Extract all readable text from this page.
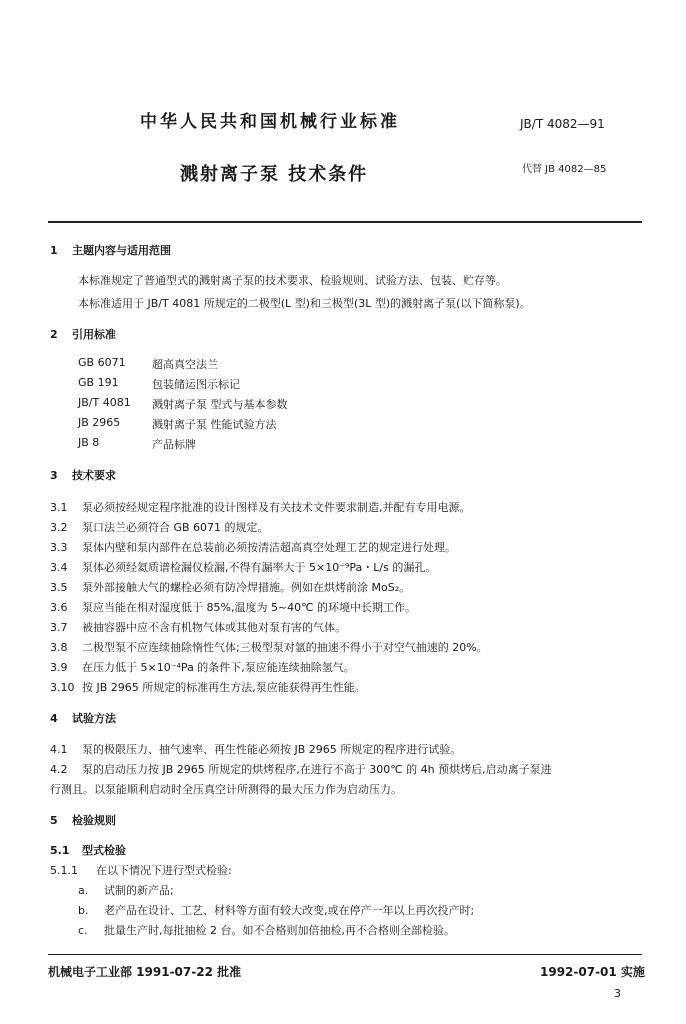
中华人民共和国机械行业标准	JB/T 4082—91
溅射离子泵 技术条件	代替 JB 4082—85
1 主题内容与适用范围
本标准规定了普通型式的溅射离子泵的技术要求、检验规则、试验方法、包装、贮存等。
本标准适用于 JB/T 4081 所规定的二极型(L 型)和三极型(3L 型)的溅射离子泵(以下简称泵)。
2 引用标准
GB 6071 超高真空法兰
GB 191	包装储运图示标记
JB/T 4081 溅射离子泵 型式与基本参数
JB 2965	溅射离子泵 性能试验方法
JB 8	产品标牌
3 技术要求
3.1 泵必须按经规定程序批准的设计图样及有关技术文件要求制造,并配有专用电源。
3.2 泵口法兰必须符合 GB 6071 的规定。
3.3 泵体内壁和泵内部件在总装前必须按清洁超高真空处理工艺的规定进行处理。
3.4 泵体必须经氦质谱检漏仪检漏,不得有漏率大于 5×10⁻⁹Pa・L/s 的漏孔。
3.5 泵外部接触大气的螺栓必须有防冷焊措施。例如在烘烤前涂 MoS₂。
3.6 泵应当能在相对湿度低于 85%,温度为 5~40℃ 的环境中长期工作。
3.7 被抽容器中应不含有机物气体或其他对泵有害的气体。
3.8 二极型泵不应连续抽除惰性气体;三极型泵对氩的抽速不得小于对空气抽速的 20%。
3.9 在压力低于 5×10⁻⁴Pa 的条件下,泵应能连续抽除氢气。
3.10 按 JB 2965 所规定的标准再生方法,泵应能获得再生性能。
4 试验方法
4.1 泵的极限压力、抽气速率、再生性能必须按 JB 2965 所规定的程序进行试验。
4.2 泵的启动压力按 JB 2965 所规定的烘烤程序,在进行不高于 300℃ 的 4h 预烘烤后,启动离子泵进
行测且。以泵能顺利启动时全压真空计所测得的最大压力作为启动压力。
5 检验规则
5.1 型式检验
5.1.1 在以下情况下进行型式检验:
a. 试制的新产品;
b. 老产品在设计、工艺、材料等方面有较大改变,或在停产一年以上再次投产时;
c. 批量生产时,每批抽检 2 台。如不合格则加倍抽检,再不合格则全部检验。
机械电子工业部 1991-07-22 批准	1992-07-01 实施
3
